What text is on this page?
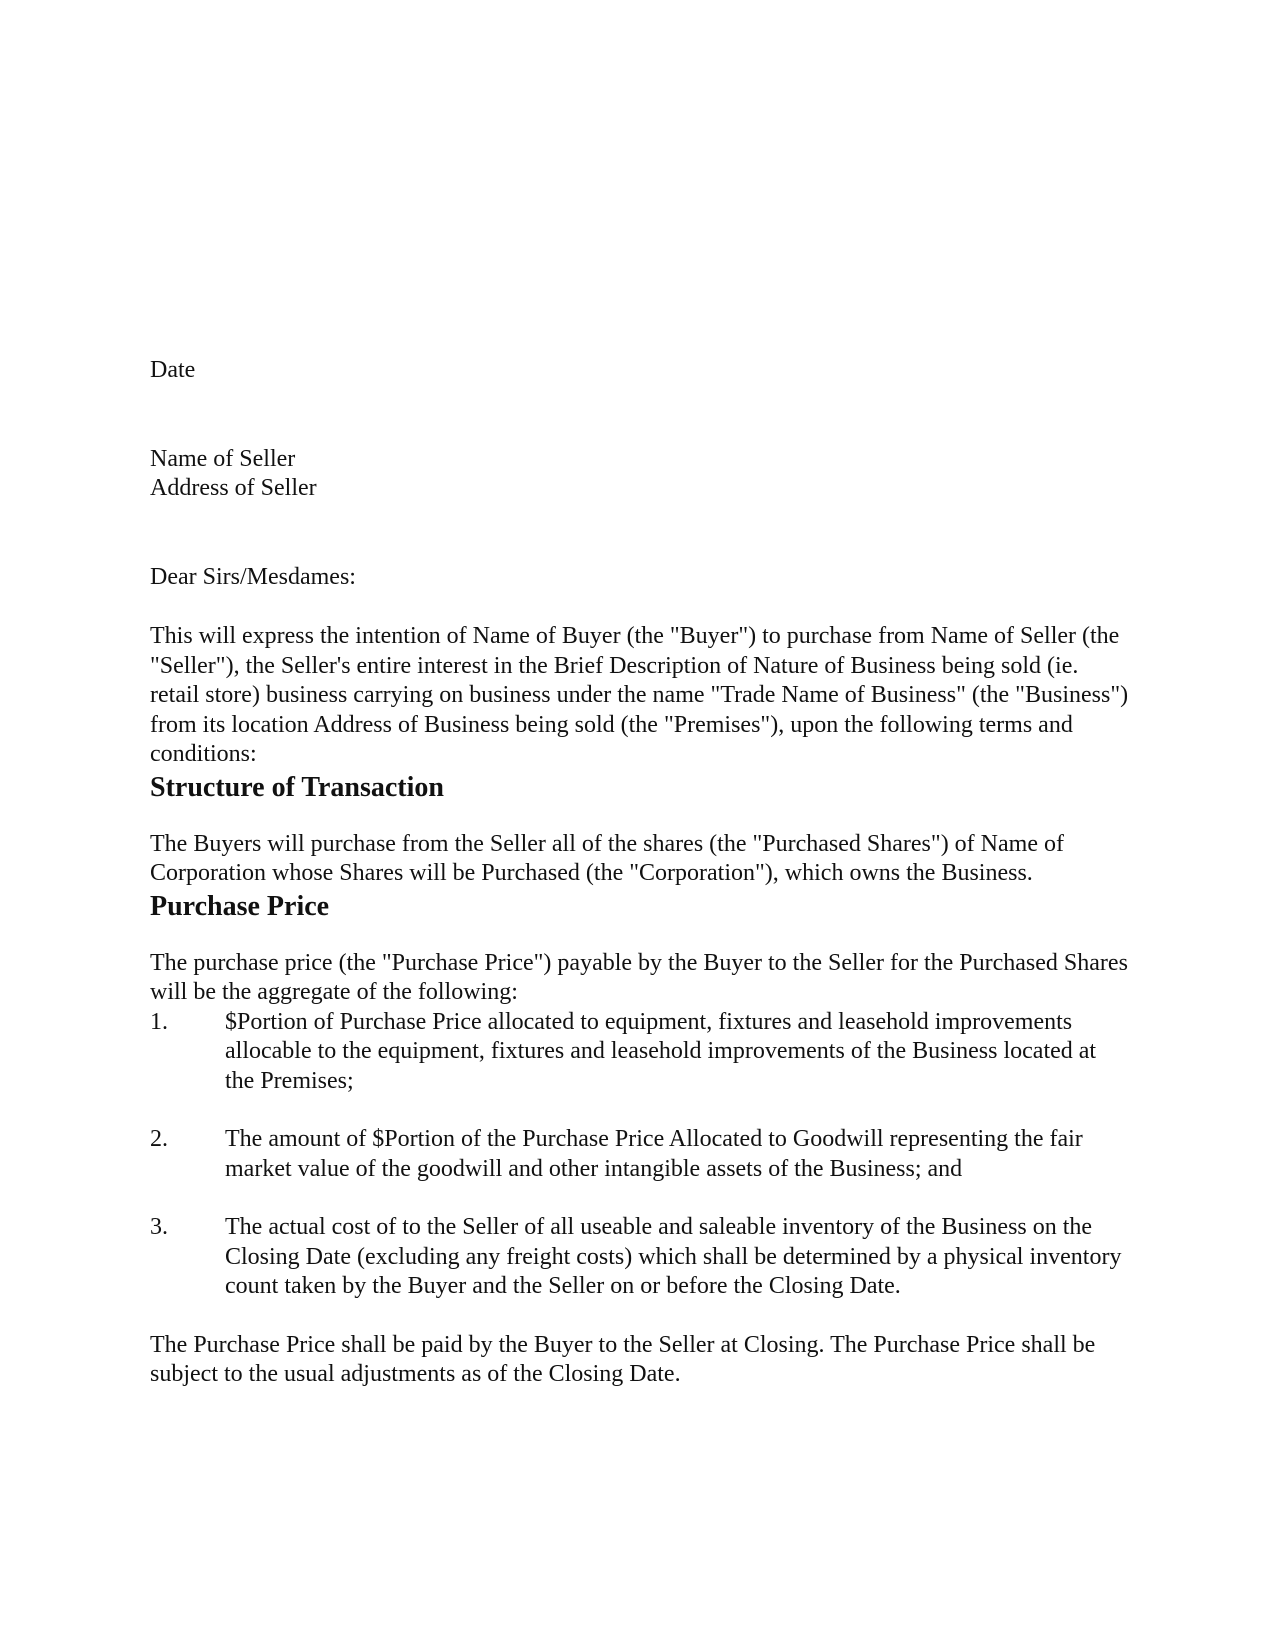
Date
Name of Seller
Address of Seller
Dear Sirs/Mesdames:

This will express the intention of Name of Buyer (the "Buyer") to purchase from Name of Seller (the "Seller"), the Seller's entire interest in the Brief Description of Nature of Business being sold (ie. retail store) business carrying on business under the name "Trade Name of Business" (the "Business") from its location Address of Business being sold (the "Premises"), upon the following terms and conditions:

Structure of Transaction

The Buyers will purchase from the Seller all of the shares (the "Purchased Shares") of Name of Corporation whose Shares will be Purchased (the "Corporation"), which owns the Business.

Purchase Price

The purchase price (the "Purchase Price") payable by the Buyer to the Seller for the Purchased Shares will be the aggregate of the following:

1.	$Portion of Purchase Price allocated to equipment, fixtures and leasehold improvements allocable to the equipment, fixtures and leasehold improvements of the Business located at the Premises;
2.	The amount of $Portion of the Purchase Price Allocated to Goodwill representing the fair market value of the goodwill and other intangible assets of the Business; and
3.	The actual cost of to the Seller of all useable and saleable inventory of the Business on the Closing Date (excluding any freight costs) which shall be determined by a physical inventory count taken by the Buyer and the Seller on or before the Closing Date.

The Purchase Price shall be paid by the Buyer to the Seller at Closing. The Purchase Price shall be subject to the usual adjustments as of the Closing Date.
